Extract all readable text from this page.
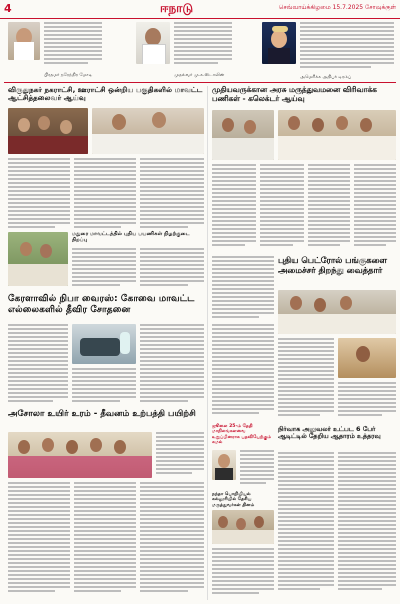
4	ஈநாடு	செவ்வாய்க்கிழமை 15.7.2025 சோவுக்குள்
பிரதமர் நரேந்திர மோடி	முதல்வர் மு.க.ஸ்டாலின்	அமெரிக்க அதிபர் டிரம்ப்
விருதுநகர் நகராட்சி, ஊராட்சி ஒன்றிய பகுதிகளில் மாவட்ட ஆட்சித்தலைவர் ஆய்வு
மதுரை மாவட்டத்தில் புதிய பயணிகள் நிழற்குடை திறப்பு
கேரளாவில் நிபா வைரஸ்: கோவை மாவட்ட எல்லைகளில் தீவிர சோதனை
அசோலா உயிர் உரம் - தீவனம் உற்பத்தி பயிற்சி
முதியவருக்கான அரசு மருத்துவமனை விரிவாக்க பணிகள் - கலெக்டர் ஆய்வு
புதிய பெட்ரோல் பங்குகளை அமைச்சர் திறந்து வைத்தார்
நிர்வாக அலுவலர் உட்பட 6 பேர் ஆடிட்டில் தேறிய ஆதாரம் உத்தரவு
ஜூலை 25-ம் தேதி மாநிலங்களவை உறுப்பினராக பதவியேற்கும் கமல்
நந்தா பொறியியல் கல்லூரியில் தேசிய மருத்துவர்கள் தினம்
